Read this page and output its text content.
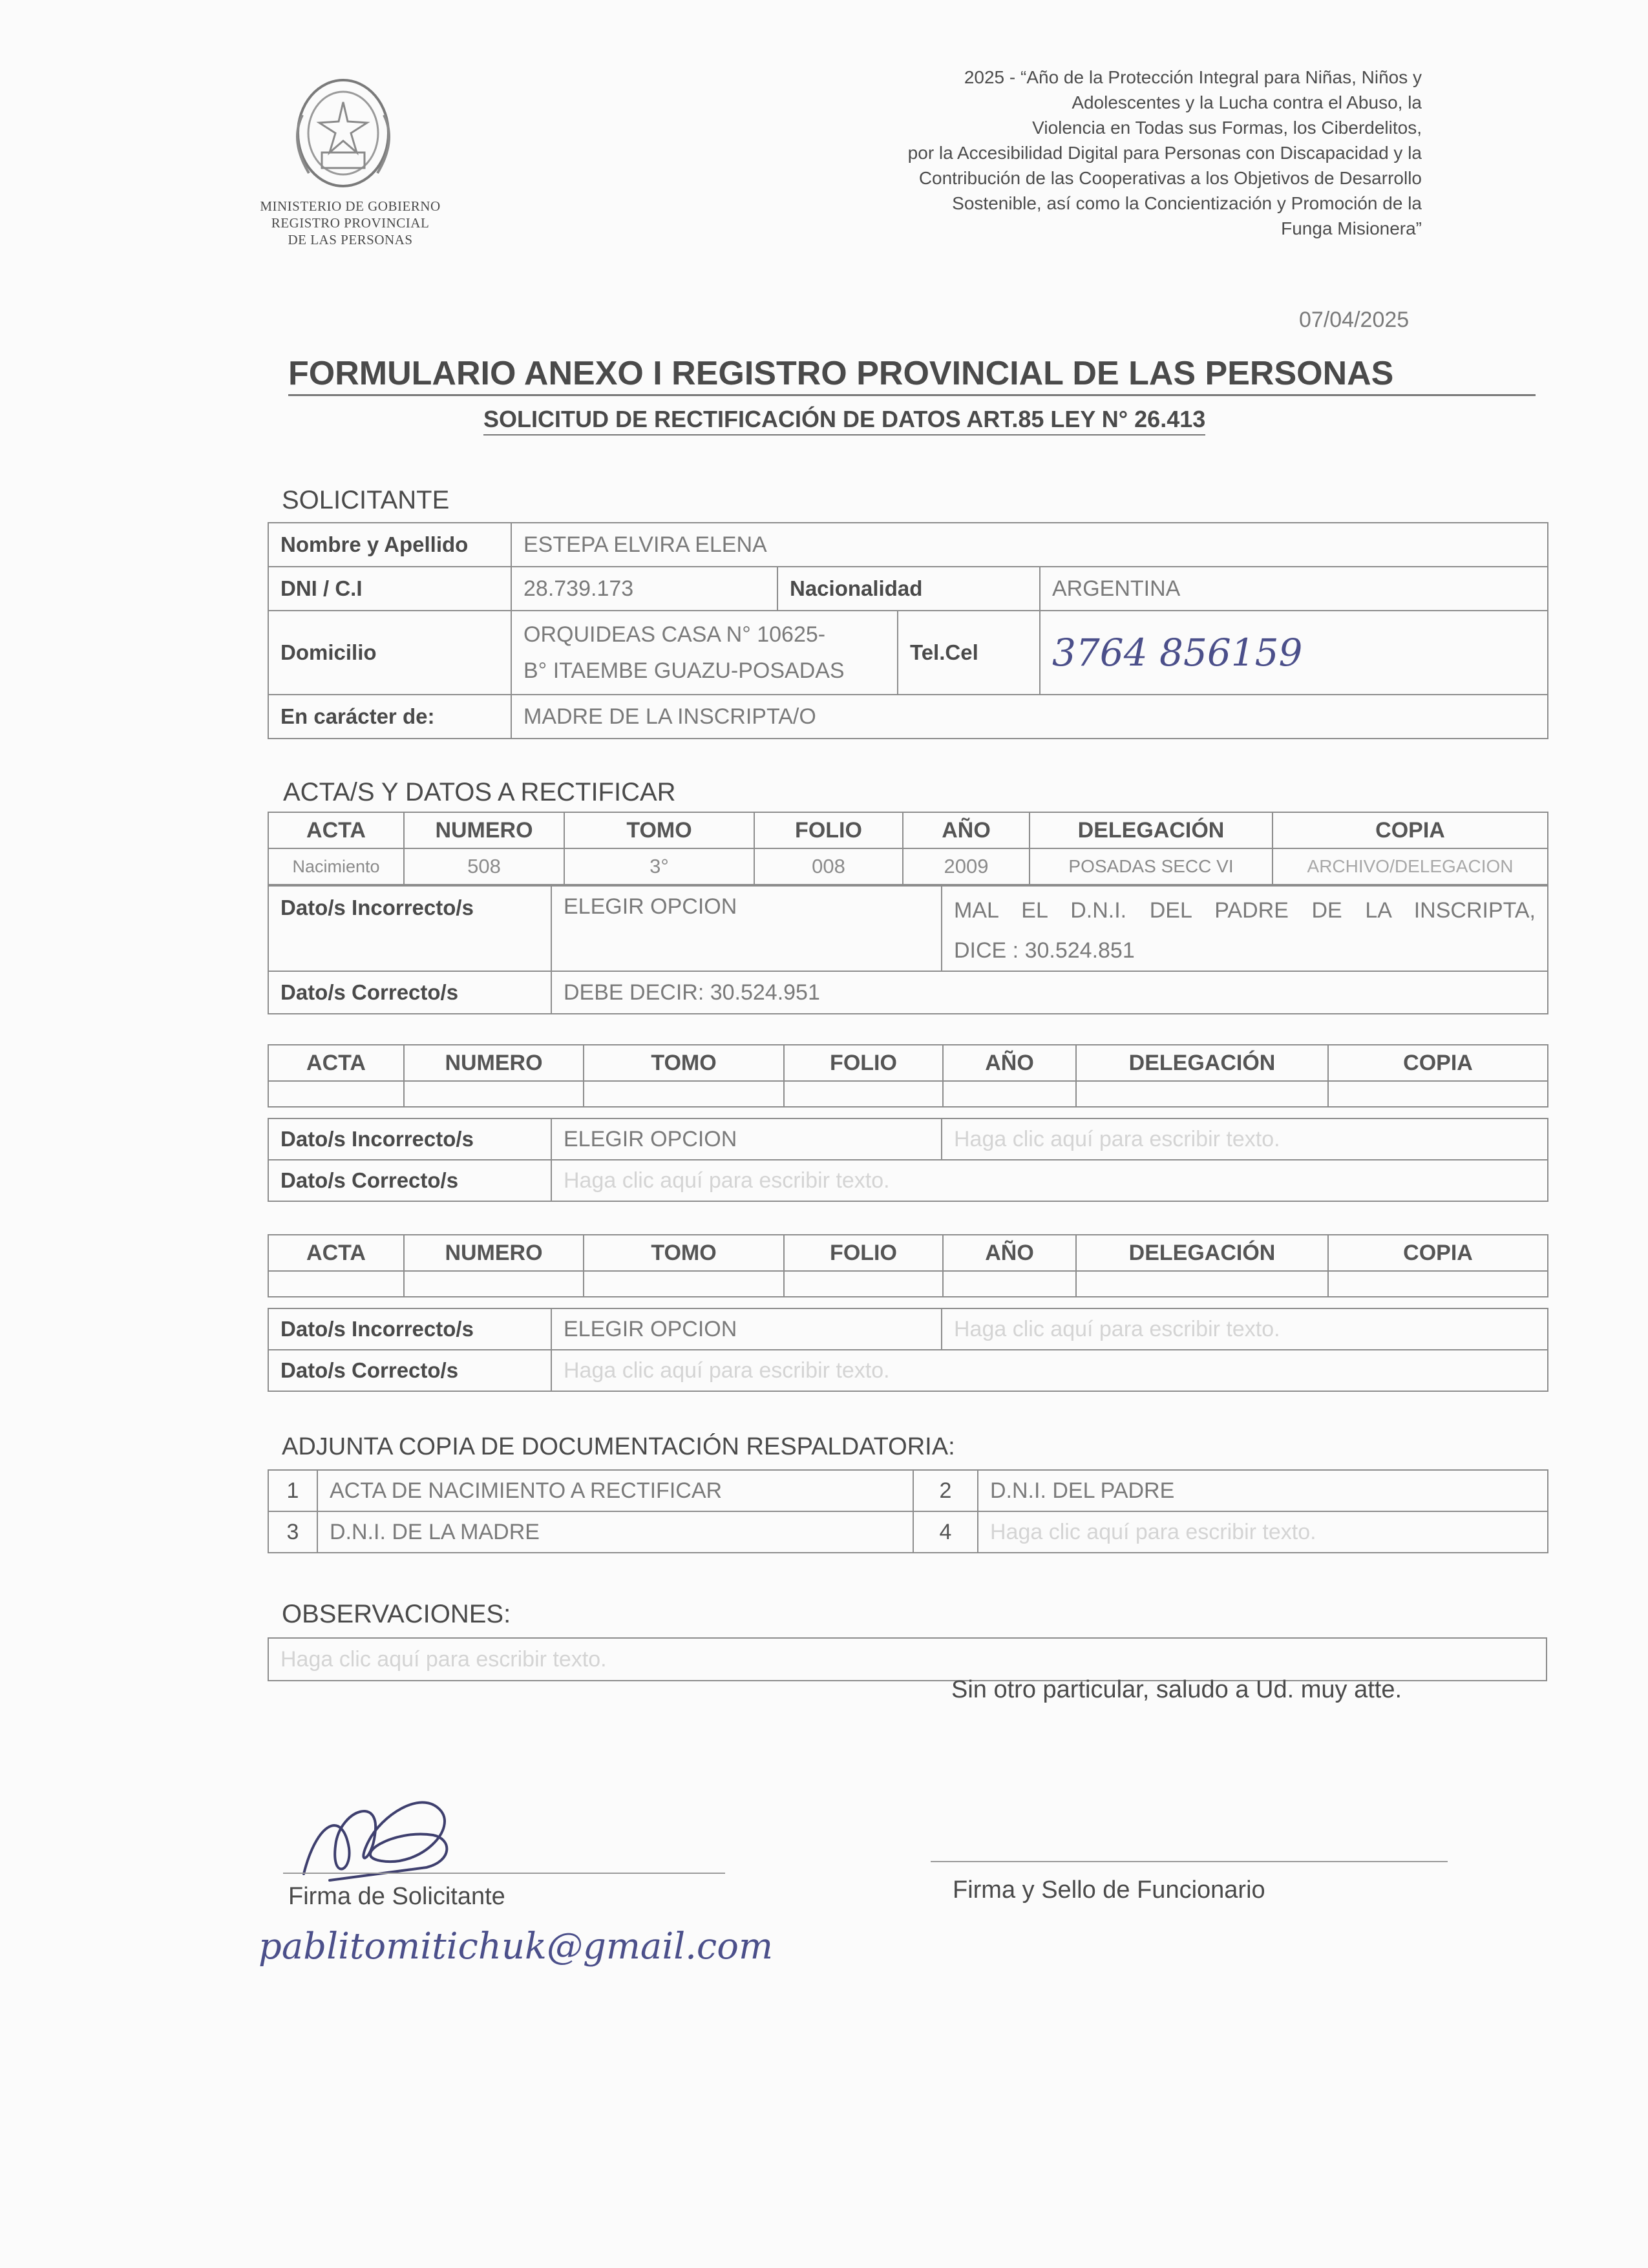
MINISTERIO DE GOBIERNO
REGISTRO PROVINCIAL
DE LAS PERSONAS
2025 - “Año de la Protección Integral para Niñas, Niños y
Adolescentes y la Lucha contra el Abuso, la
Violencia en Todas sus Formas, los Ciberdelitos,
por la Accesibilidad Digital para Personas con Discapacidad y la
Contribución de las Cooperativas a los Objetivos de Desarrollo
Sostenible, así como la Concientización y Promoción de la
Funga Misionera”
07/04/2025
FORMULARIO ANEXO I REGISTRO PROVINCIAL DE LAS PERSONAS
SOLICITUD DE RECTIFICACIÓN DE DATOS ART.85 LEY N° 26.413
SOLICITANTE
Nombre y Apellido	ESTEPA ELVIRA ELENA			
DNI / C.I	28.739.173	Nacionalidad		ARGENTINA
Domicilio	ORQUIDEAS CASA N° 10625-
B° ITAEMBE GUAZU-POSADAS		Tel.Cel	3764 856159
En carácter de:	MADRE DE LA INSCRIPTA/O			
ACTA/S Y DATOS A RECTIFICAR
ACTA	NUMERO	TOMO	FOLIO	AÑO	DELEGACIÓN	COPIA
Nacimiento	508	3°	008	2009	POSADAS SECC VI	ARCHIVO/DELEGACION
Dato/s Incorrecto/s	ELEGIR OPCION	MAL EL D.N.I. DEL PADRE DE LA INSCRIPTA,
DICE : 30.524.851

Dato/s Correcto/s	DEBE DECIR: 30.524.951	
ACTA	NUMERO	TOMO	FOLIO	AÑO	DELEGACIÓN	COPIA

Dato/s Incorrecto/s	ELEGIR OPCION	Haga clic aquí para escribir texto.
Dato/s Correcto/s	Haga clic aquí para escribir texto.	
ACTA	NUMERO	TOMO	FOLIO	AÑO	DELEGACIÓN	COPIA

Dato/s Incorrecto/s	ELEGIR OPCION	Haga clic aquí para escribir texto.
Dato/s Correcto/s	Haga clic aquí para escribir texto.	
ADJUNTA COPIA DE DOCUMENTACIÓN RESPALDATORIA:
1	ACTA DE NACIMIENTO A RECTIFICAR	2	D.N.I. DEL PADRE
3	D.N.I. DE LA MADRE	4	Haga clic aquí para escribir texto.
OBSERVACIONES:
Haga clic aquí para escribir texto.
Sin otro particular, saludo a Ud. muy atte.
Firma de Solicitante	Firma y Sello de Funcionario
pablitomitichuk@gmail.com
